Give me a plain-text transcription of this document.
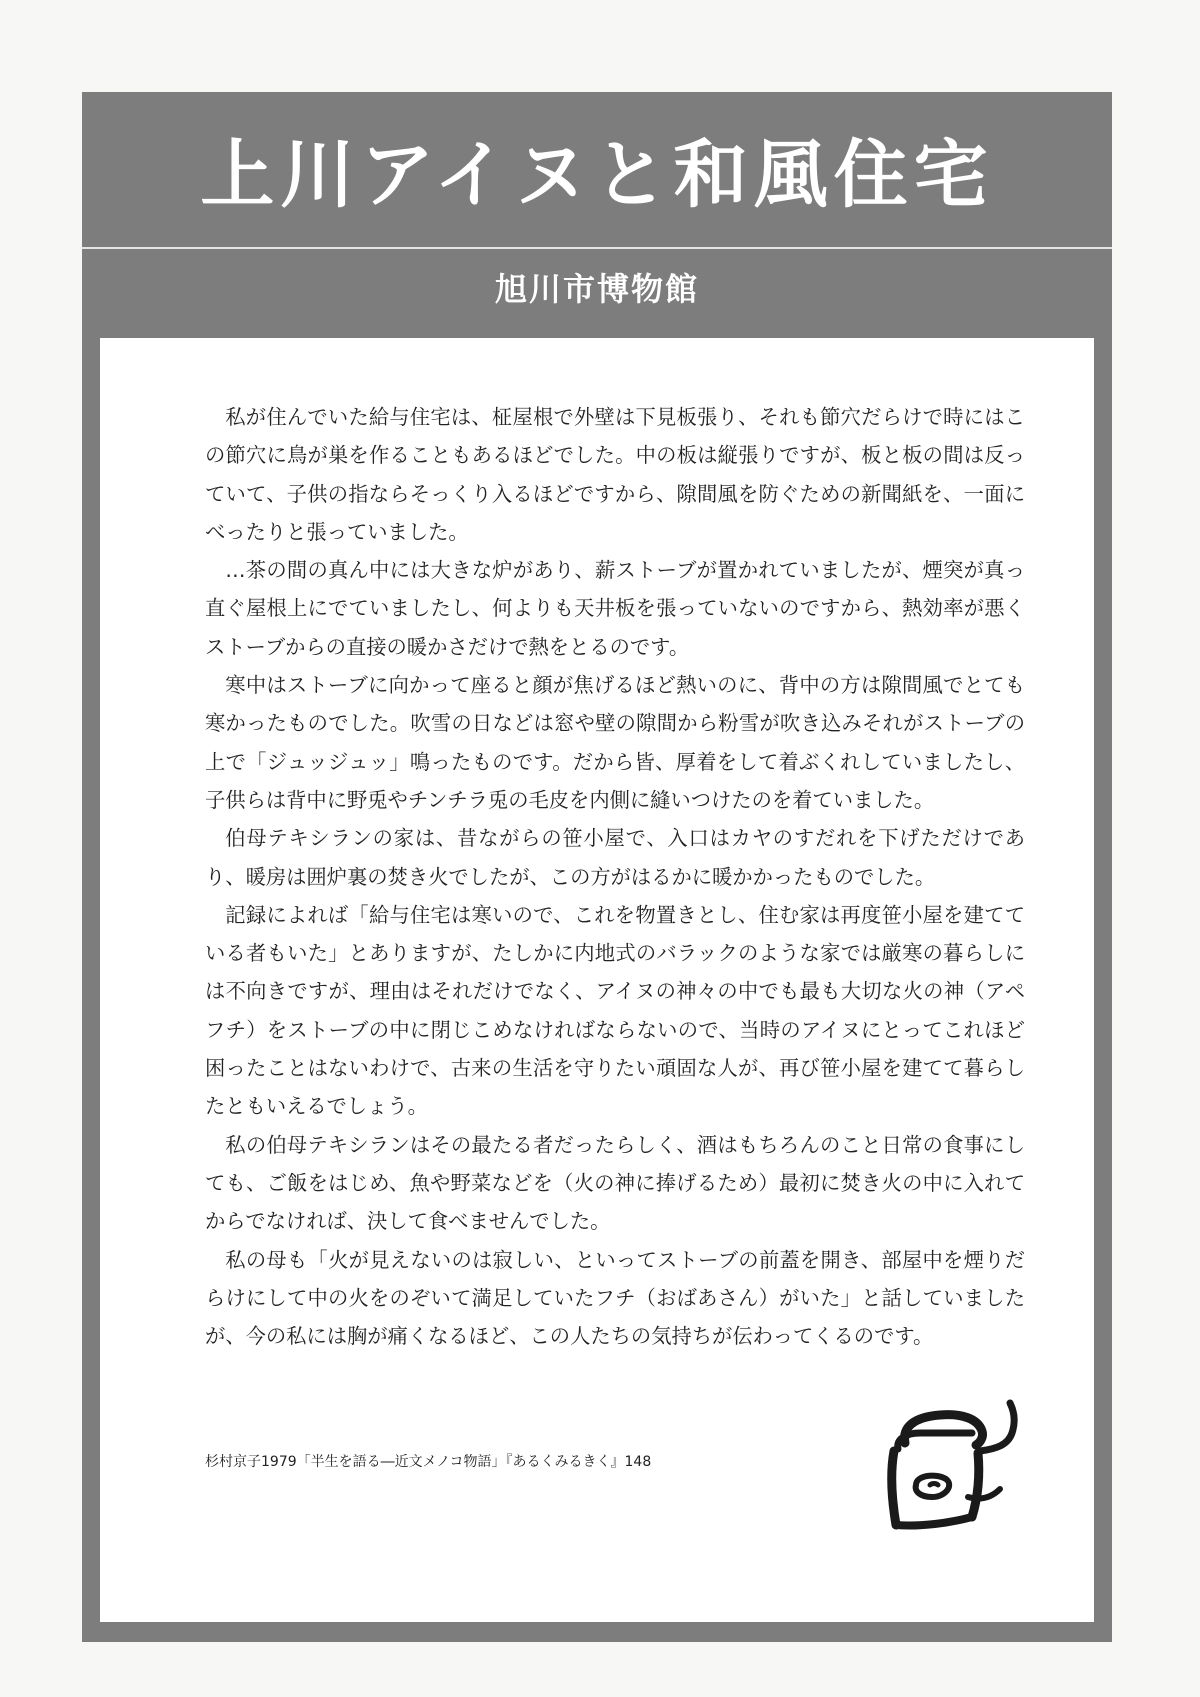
上川アイヌと和風住宅
旭川市博物館

私が住んでいた給与住宅は、柾屋根で外壁は下見板張り、それも節穴だらけで時にはこの節穴に鳥が巣を作ることもあるほどでした。中の板は縦張りですが、板と板の間は反っていて、子供の指ならそっくり入るほどですから、隙間風を防ぐための新聞紙を、一面にべったりと張っていました。

…茶の間の真ん中には大きな炉があり、薪ストーブが置かれていましたが、煙突が真っ直ぐ屋根上にでていましたし、何よりも天井板を張っていないのですから、熱効率が悪くストーブからの直接の暖かさだけで熱をとるのです。

寒中はストーブに向かって座ると顔が焦げるほど熱いのに、背中の方は隙間風でとても寒かったものでした。吹雪の日などは窓や壁の隙間から粉雪が吹き込みそれがストーブの上で「ジュッジュッ」鳴ったものです。だから皆、厚着をして着ぶくれしていましたし、子供らは背中に野兎やチンチラ兎の毛皮を内側に縫いつけたのを着ていました。

伯母テキシランの家は、昔ながらの笹小屋で、入口はカヤのすだれを下げただけであり、暖房は囲炉裏の焚き火でしたが、この方がはるかに暖かかったものでした。

記録によれば「給与住宅は寒いので、これを物置きとし、住む家は再度笹小屋を建てている者もいた」とありますが、たしかに内地式のバラックのような家では厳寒の暮らしには不向きですが、理由はそれだけでなく、アイヌの神々の中でも最も大切な火の神（アペフチ）をストーブの中に閉じこめなければならないので、当時のアイヌにとってこれほど困ったことはないわけで、古来の生活を守りたい頑固な人が、再び笹小屋を建てて暮らしたともいえるでしょう。

私の伯母テキシランはその最たる者だったらしく、酒はもちろんのこと日常の食事にしても、ご飯をはじめ、魚や野菜などを（火の神に捧げるため）最初に焚き火の中に入れてからでなければ、決して食べませんでした。

私の母も「火が見えないのは寂しい、といってストーブの前蓋を開き、部屋中を煙りだらけにして中の火をのぞいて満足していたフチ（おばあさん）がいた」と話していましたが、今の私には胸が痛くなるほど、この人たちの気持ちが伝わってくるのです。

杉村京子1979「半生を語る―近文メノコ物語」『あるくみるきく』148
